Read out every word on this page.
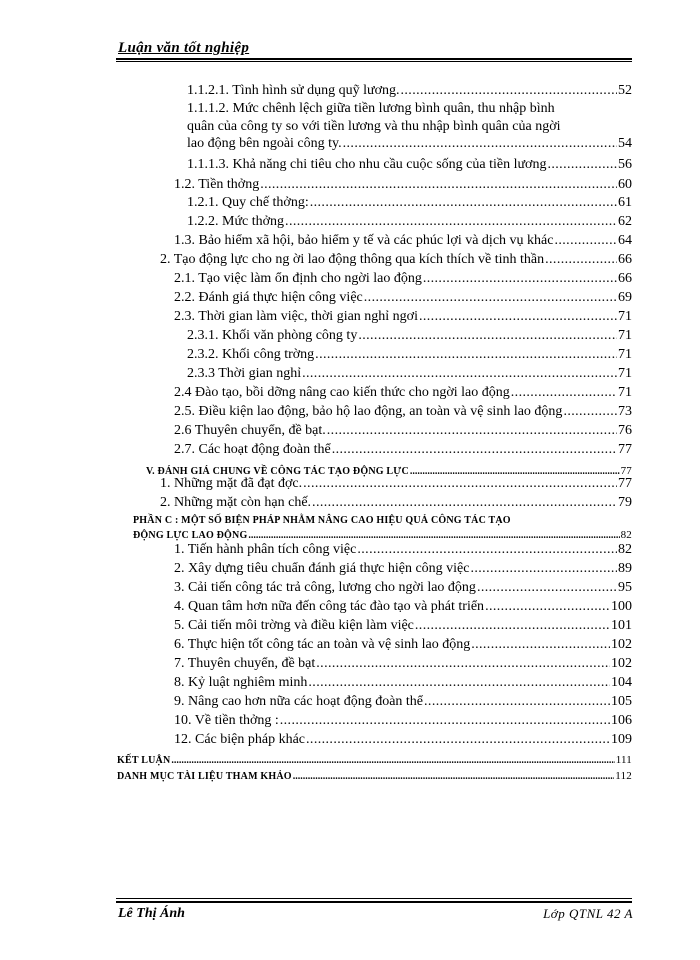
Luận văn tốt nghiệp
1.1.2.1. Tình hình sử dụng quỹ lương. .....	52
1.1.1.2. Mức chênh lệch giữa tiền lương bình quân, thu nhập bình
quân của công ty so với tiền lương và thu nhập bình quân của ngời
lao động bên ngoài công ty. .....	54
1.1.1.3. Khả năng chi tiêu cho nhu cầu cuộc sống của tiền lương .....	56
1.2. Tiền thởng .....	60
1.2.1. Quy chế thởng: .....	61
1.2.2. Mức thởng .....	62
1.3. Bảo hiểm xã hội, bảo hiểm y tế và các phúc lợi và dịch vụ khác .....	64
2. Tạo động lực cho ng ời lao động thông qua kích thích về tinh thần .....	66
2.1. Tạo việc làm ổn định cho ngời lao động .....	66
2.2. Đánh giá thực hiện công việc .....	69
2.3. Thời gian làm việc, thời gian nghỉ ngơi .....	71
2.3.1. Khối văn phòng công ty .....	71
2.3.2. Khối công trờng .....	71
2.3.3 Thời gian nghỉ .....	71
2.4 Đào tạo, bồi dỡng nâng cao kiến thức cho ngời lao động .....	71
2.5. Điều kiện lao động, bảo hộ lao động, an toàn và vệ sinh lao động .....	73
2.6 Thuyên chuyển, đề bạt. .....	76
2.7. Các hoạt động đoàn thể .....	77
V. ĐÁNH GIÁ CHUNG VỀ CÔNG TÁC TẠO ĐỘNG LỰC .....	77
1. Những mặt đã đạt đợc. .....	77
2. Những mặt còn hạn chế. .....	79
PHẦN C : MỘT SỐ BIỆN PHÁP NHẰM NÂNG CAO HIỆU QUẢ CÔNG TÁC TẠO
ĐỘNG LỰC LAO ĐỘNG .....	82
1. Tiến hành phân tích công việc .....	82
2. Xây dựng tiêu chuẩn đánh giá thực hiện công việc .....	89
3. Cải tiến công tác trả công, lương cho ngời lao động .....	95
4. Quan tâm hơn nữa đến công tác đào tạo và phát triển .....	100
5. Cải tiến môi trờng và điều kiện làm việc .....	101
6. Thực hiện tốt công tác an toàn và vệ sinh lao động .....	102
7. Thuyên chuyển, đề bạt .....	102
8. Kỷ luật nghiêm minh .....	104
9. Nâng cao hơn nữa các hoạt động đoàn thể .....	105
10. Về tiền thởng : .....	106
12. Các biện pháp khác .....	109
KẾT LUẬN .....	111
DANH MỤC TÀI LIỆU THAM KHẢO .....	112
Lê Thị Ánh	Lớp QTNL 42 A
